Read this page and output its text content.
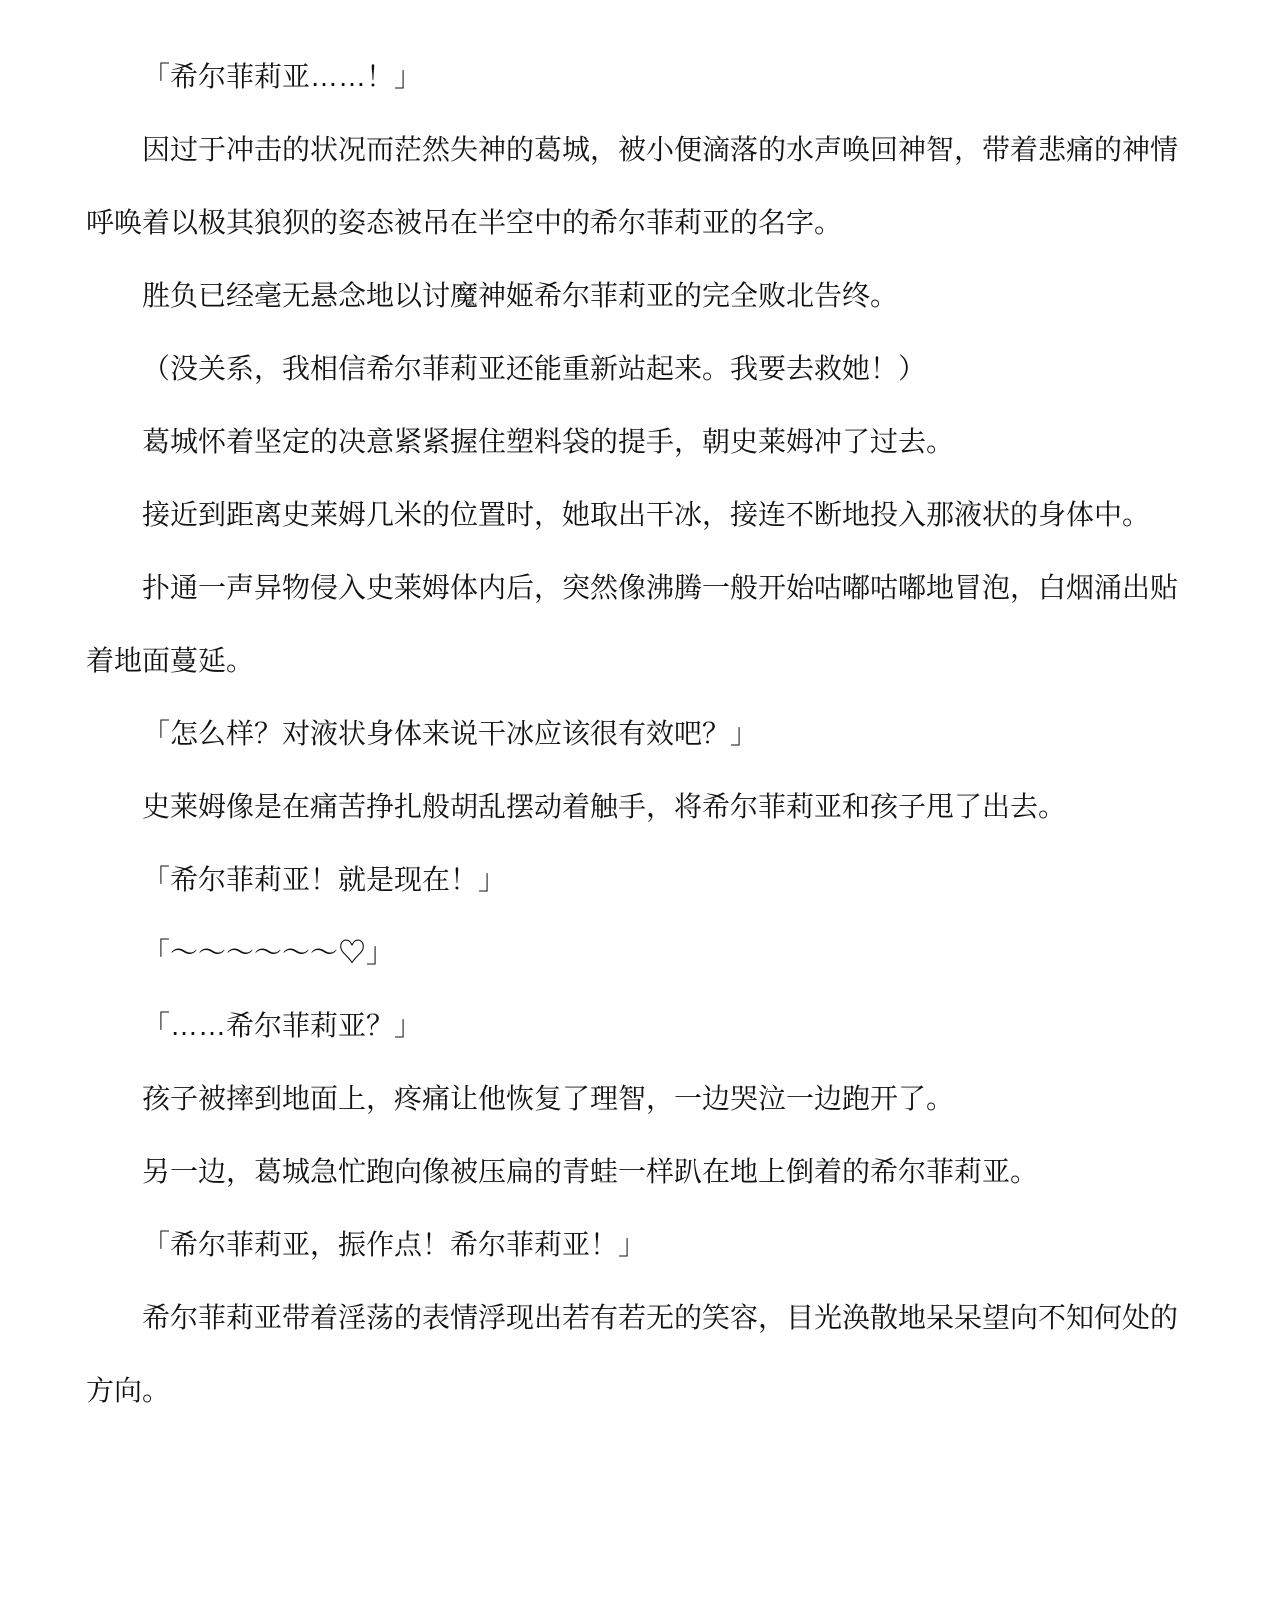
「希尔菲莉亚……！」

因过于冲击的状况而茫然失神的葛城，被小便滴落的水声唤回神智，带着悲痛的神情呼唤着以极其狼狈的姿态被吊在半空中的希尔菲莉亚的名字。

胜负已经毫无悬念地以讨魔神姬希尔菲莉亚的完全败北告终。

（没关系，我相信希尔菲莉亚还能重新站起来。我要去救她！）

葛城怀着坚定的决意紧紧握住塑料袋的提手，朝史莱姆冲了过去。

接近到距离史莱姆几米的位置时，她取出干冰，接连不断地投入那液状的身体中。

扑通一声异物侵入史莱姆体内后，突然像沸腾一般开始咕嘟咕嘟地冒泡，白烟涌出贴着地面蔓延。

「怎么样？对液状身体来说干冰应该很有效吧？」

史莱姆像是在痛苦挣扎般胡乱摆动着触手，将希尔菲莉亚和孩子甩了出去。

「希尔菲莉亚！就是现在！」

「～～～～～～♡」

「……希尔菲莉亚？」

孩子被摔到地面上，疼痛让他恢复了理智，一边哭泣一边跑开了。

另一边，葛城急忙跑向像被压扁的青蛙一样趴在地上倒着的希尔菲莉亚。

「希尔菲莉亚，振作点！希尔菲莉亚！」

希尔菲莉亚带着淫荡的表情浮现出若有若无的笑容，目光涣散地呆呆望向不知何处的方向。
